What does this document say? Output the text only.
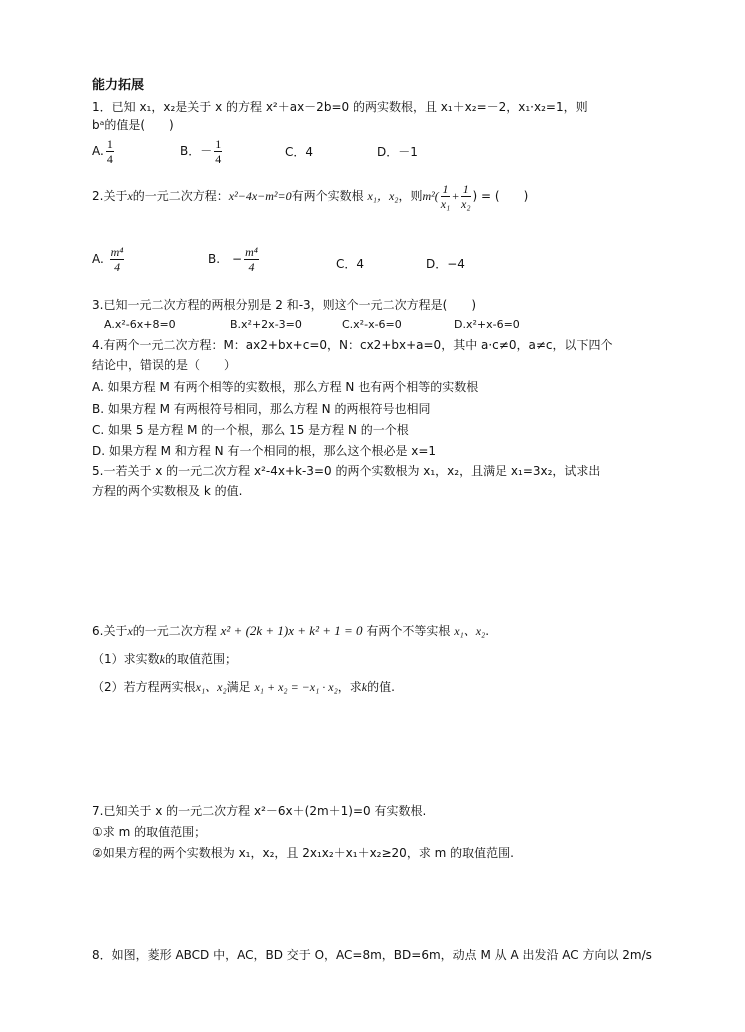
能力拓展
1．已知 x₁，x₂是关于 x 的方程 x²＋ax－2b=0 的两实数根，且 x₁＋x₂=－2，x₁·x₂=1，则
bᵃ的值是(　　)
A. $\frac{1}{4}$	B．－ $\frac{1}{4}$	C．4	D．－1
2.关于x的一元二次方程：x²−4x−m²=0有两个实数根 x₁，x₂，则$m^2( \frac{1}{\text{x₁}} + \frac{1}{\text{x₂}}$ ) = (　　)
A. $\frac{\text{m⁴}}{4}$	B.　− $\frac{\text{m⁴}}{4}$	C．4	D．−4
3.已知一元二次方程的两根分别是 2 和-3，则这个一元二次方程是(　　)
A.x²-6x+8=0	B.x²+2x-3=0	C.x²-x-6=0	D.x²+x-6=0
4.有两个一元二次方程：M：ax2+bx+c=0，N：cx2+bx+a=0，其中 a·c≠0，a≠c，以下四个
结论中，错误的是（　　）
A. 如果方程 M 有两个相等的实数根，那么方程 N 也有两个相等的实数根
B. 如果方程 M 有两根符号相同，那么方程 N 的两根符号也相同
C. 如果 5 是方程 M 的一个根，那么 15 是方程 N 的一个根
D. 如果方程 M 和方程 N 有一个相同的根，那么这个根必是 x=1
5.一若关于 x 的一元二次方程 x²-4x+k-3=0 的两个实数根为 x₁，x₂，且满足 x₁=3x₂，试求出
方程的两个实数根及 k 的值.
6.关于x的一元二次方程 x² + (2k + 1)x + k² + 1 = 0 有两个不等实根 x₁、x₂.
（1）求实数k的取值范围；
（2）若方程两实根x₁、x₂满足 x₁ + x₂ = −x₁ · x₂，求k的值.
7.已知关于 x 的一元二次方程 x²－6x＋(2m＋1)=0 有实数根.
①求 m 的取值范围；
②如果方程的两个实数根为 x₁，x₂，且 2x₁x₂＋x₁＋x₂≥20，求 m 的取值范围.
8．如图，菱形 ABCD 中，AC，BD 交于 O，AC=8m，BD=6m，动点 M 从 A 出发沿 AC 方向以 2m/s
